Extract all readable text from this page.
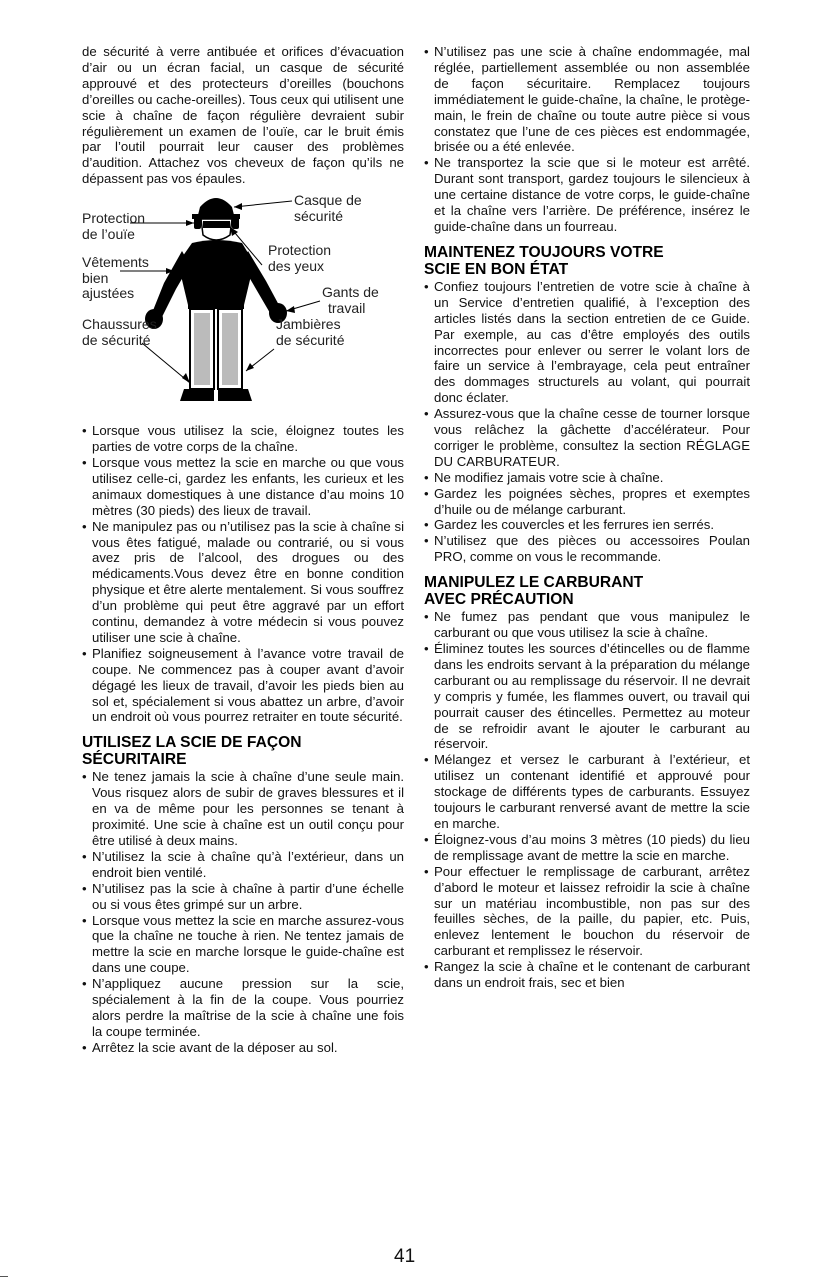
de sécurité à verre antibuée et orifices d’évacuation d’air ou un écran facial, un casque de sécurité approuvé et des protecteurs d’oreilles (bouchons d’oreilles ou cache-oreilles). Tous ceux qui utilisent une scie à chaîne de façon régulière devraient subir régulièrement un examen de l’ouïe, car le bruit émis par l’outil pourrait leur causer des problèmes d’audition. Attachez vos cheveux de façon qu’ils ne dépassent pas vos épaules.

Protection
de l’ouïe
Casque de
sécurité
Vêtements
bien
ajustées
Protection
des yeux
Gants de
travail
Chaussures
de sécurité
Jambières
de sécurité
• Lorsque vous utilisez la scie, éloignez toutes les parties de votre corps de la chaîne.
• Lorsque vous mettez la scie en marche ou que vous utilisez celle-ci, gardez les enfants, les curieux et les animaux domestiques à une distance d’au moins 10 mètres (30 pieds) des lieux de travail.
• Ne manipulez pas ou n’utilisez pas la scie à chaîne si vous êtes fatigué, malade ou contrarié, ou si vous avez pris de l’alcool, des drogues ou des médicaments.Vous devez être en bonne condition physique et être alerte mentalement. Si vous souffrez d’un problème qui peut être aggravé par un effort continu, demandez à votre médecin si vous pouvez utiliser une scie à chaîne.
• Planifiez soigneusement à l’avance votre travail de coupe. Ne commencez pas à couper avant d’avoir dégagé les lieux de travail, d’avoir les pieds bien au sol et, spécialement si vous abattez un arbre, d’avoir un endroit où vous pourrez retraiter en toute sécurité.
UTILISEZ LA SCIE DE FAÇON
SÉCURITAIRE
• Ne tenez jamais la scie à chaîne d’une seule main. Vous risquez alors de subir de graves blessures et il en va de même pour les personnes se tenant à proximité. Une scie à chaîne est un outil conçu pour être utilisé à deux mains.
• N’utilisez la scie à chaîne qu’à l’extérieur, dans un endroit bien ventilé.
• N’utilisez pas la scie à chaîne à partir d’une échelle ou si vous êtes grimpé sur un arbre.
• Lorsque vous mettez la scie en marche assurez-vous que la chaîne ne touche à rien. Ne tentez jamais de mettre la scie en marche lorsque le guide-chaîne est dans une coupe.
• N’appliquez aucune pression sur la scie, spécialement à la fin de la coupe. Vous pourriez alors perdre la maîtrise de la scie à chaîne une fois la coupe terminée.
• Arrêtez la scie avant de la déposer au sol.
• N’utilisez pas une scie à chaîne endommagée, mal réglée, partiellement assemblée ou non assemblée de façon sécuritaire. Remplacez toujours immédiatement le guide-chaîne, la chaîne, le protège-main, le frein de chaîne ou toute autre pièce si vous constatez que l’une de ces pièces est endommagée, brisée ou a été enlevée.
• Ne transportez la scie que si le moteur est arrêté. Durant sont transport, gardez toujours le silencieux à une certaine distance de votre corps, le guide-chaîne et la chaîne vers l’arrière. De préférence, insérez le guide-chaîne dans un fourreau.
MAINTENEZ TOUJOURS VOTRE
SCIE EN BON ÉTAT
• Confiez toujours l’entretien de votre scie à chaîne à un Service d’entretien qualifié, à l’exception des articles listés dans la section entretien de ce Guide. Par exemple, au cas d’être employés des outils incorrectes pour enlever ou serrer le volant lors de faire un service à l’embrayage, cela peut entraîner des dommages structurels au volant, qui pourrait donc éclater.
• Assurez-vous que la chaîne cesse de tourner lorsque vous relâchez la gâchette d’accélérateur. Pour corriger le problème, consultez la section RÉGLAGE DU CARBURATEUR.
• Ne modifiez jamais votre scie à chaîne.
• Gardez les poignées sèches, propres et exemptes d’huile ou de mélange carburant.
• Gardez les couvercles et les ferrures ien serrés.
• N’utilisez que des pièces ou accessoires Poulan PRO, comme on vous le recommande.
MANIPULEZ LE CARBURANT
AVEC PRÉCAUTION
• Ne fumez pas pendant que vous manipulez le carburant ou que vous utilisez la scie à chaîne.
• Éliminez toutes les sources d’étincelles ou de flamme dans les endroits servant à la préparation du mélange carburant ou au remplissage du réservoir. Il ne devrait y compris y fumée, les flammes ouvert, ou travail qui pourrait causer des étincelles. Permettez au moteur de se refroidir avant le ajouter le carburant au réservoir.
• Mélangez et versez le carburant à l’extérieur, et utilisez un contenant identifié et approuvé pour stockage de différents types de carburants. Essuyez toujours le carburant renversé avant de mettre la scie en marche.
• Éloignez-vous d’au moins 3 mètres (10 pieds) du lieu de remplissage avant de mettre la scie en marche.
• Pour effectuer le remplissage de carburant, arrêtez d’abord le moteur et laissez refroidir la scie à chaîne sur un matériau incombustible, non pas sur des feuilles sèches, de la paille, du papier, etc. Puis, enlevez lentement le bouchon du réservoir de carburant et remplissez le réservoir.
• Rangez la scie à chaîne et le contenant de carburant dans un endroit frais, sec et bien
41
